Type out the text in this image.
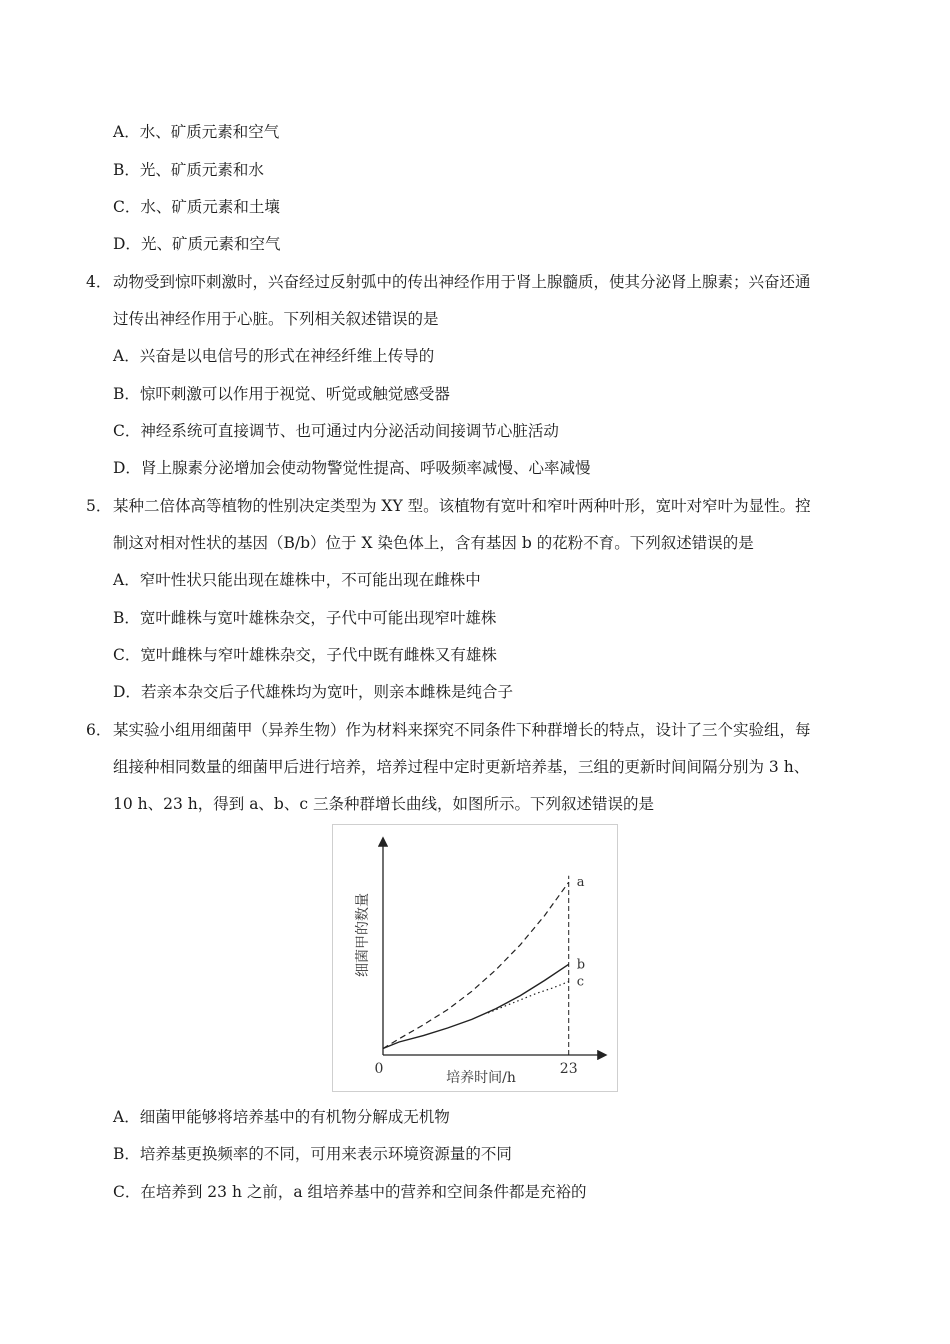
A．水、矿质元素和空气
B．光、矿质元素和水
C．水、矿质元素和土壤
D．光、矿质元素和空气
4． 动物受到惊吓刺激时，兴奋经过反射弧中的传出神经作用于肾上腺髓质，使其分泌肾上腺素；兴奋还通
过传出神经作用于心脏。下列相关叙述错误的是
A．兴奋是以电信号的形式在神经纤维上传导的
B．惊吓刺激可以作用于视觉、听觉或触觉感受器
C．神经系统可直接调节、也可通过内分泌活动间接调节心脏活动
D．肾上腺素分泌增加会使动物警觉性提高、呼吸频率减慢、心率减慢
5． 某种二倍体高等植物的性别决定类型为 XY 型。该植物有宽叶和窄叶两种叶形，宽叶对窄叶为显性。控
制这对相对性状的基因（B/b）位于 X 染色体上，含有基因 b 的花粉不育。下列叙述错误的是
A．窄叶性状只能出现在雄株中，不可能出现在雌株中
B．宽叶雌株与宽叶雄株杂交，子代中可能出现窄叶雄株
C．宽叶雌株与窄叶雄株杂交，子代中既有雌株又有雄株
D．若亲本杂交后子代雄株均为宽叶，则亲本雌株是纯合子
6． 某实验小组用细菌甲（异养生物）作为材料来探究不同条件下种群增长的特点，设计了三个实验组，每
组接种相同数量的细菌甲后进行培养，培养过程中定时更新培养基，三组的更新时间间隔分别为 3 h、
10 h、23 h，得到 a、b、c 三条种群增长曲线，如图所示。下列叙述错误的是
a
b
c
细菌甲的数量
培养时间/h
0	23
A．细菌甲能够将培养基中的有机物分解成无机物
B．培养基更换频率的不同，可用来表示环境资源量的不同
C．在培养到 23 h 之前，a 组培养基中的营养和空间条件都是充裕的
